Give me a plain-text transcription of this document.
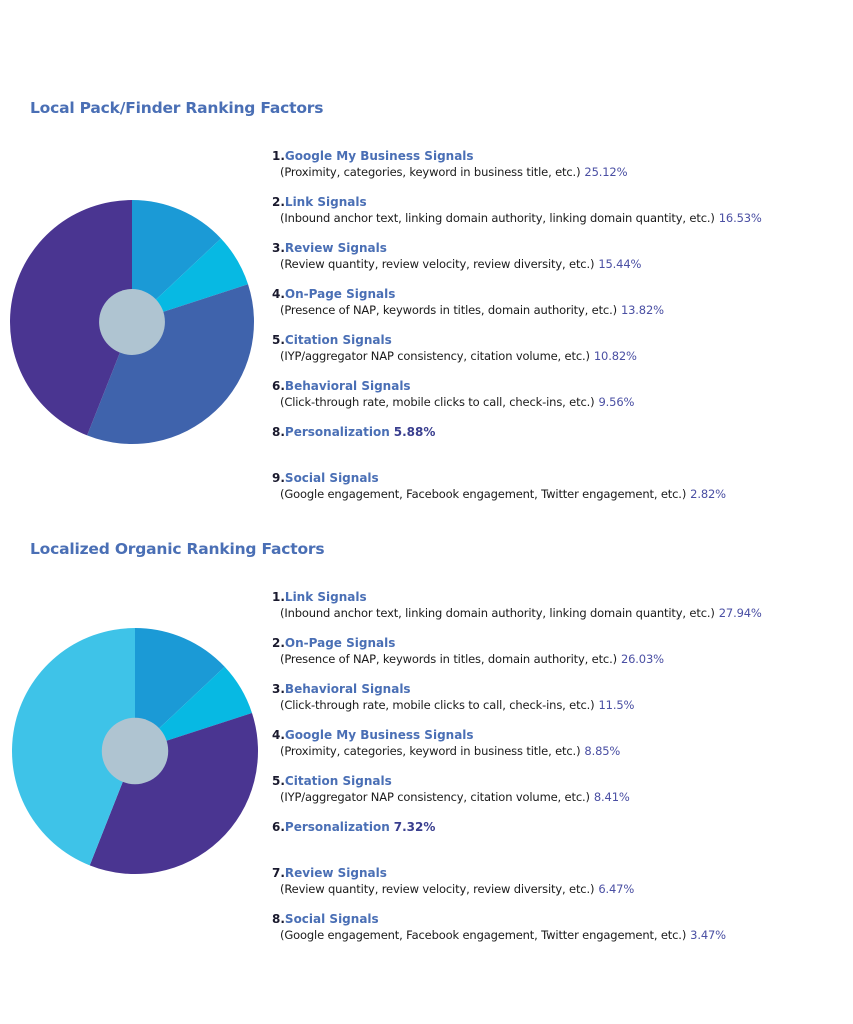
Local Pack/Finder Ranking Factors
1.Google My Business Signals
(Proximity, categories, keyword in business title, etc.) 25.12%
2.Link Signals
(Inbound anchor text, linking domain authority, linking domain quantity, etc.) 16.53%
3.Review Signals
(Review quantity, review velocity, review diversity, etc.) 15.44%
4.On-Page Signals
(Presence of NAP, keywords in titles, domain authority, etc.) 13.82%
5.Citation Signals
(IYP/aggregator NAP consistency, citation volume, etc.) 10.82%
6.Behavioral Signals
(Click-through rate, mobile clicks to call, check-ins, etc.) 9.56%
8.Personalization 5.88%
9.Social Signals
(Google engagement, Facebook engagement, Twitter engagement, etc.) 2.82%
Localized Organic Ranking Factors
1.Link Signals
(Inbound anchor text, linking domain authority, linking domain quantity, etc.) 27.94%
2.On-Page Signals
(Presence of NAP, keywords in titles, domain authority, etc.) 26.03%
3.Behavioral Signals
(Click-through rate, mobile clicks to call, check-ins, etc.) 11.5%
4.Google My Business Signals
(Proximity, categories, keyword in business title, etc.) 8.85%
5.Citation Signals
(IYP/aggregator NAP consistency, citation volume, etc.) 8.41%
6.Personalization 7.32%
7.Review Signals
(Review quantity, review velocity, review diversity, etc.) 6.47%
8.Social Signals
(Google engagement, Facebook engagement, Twitter engagement, etc.) 3.47%
